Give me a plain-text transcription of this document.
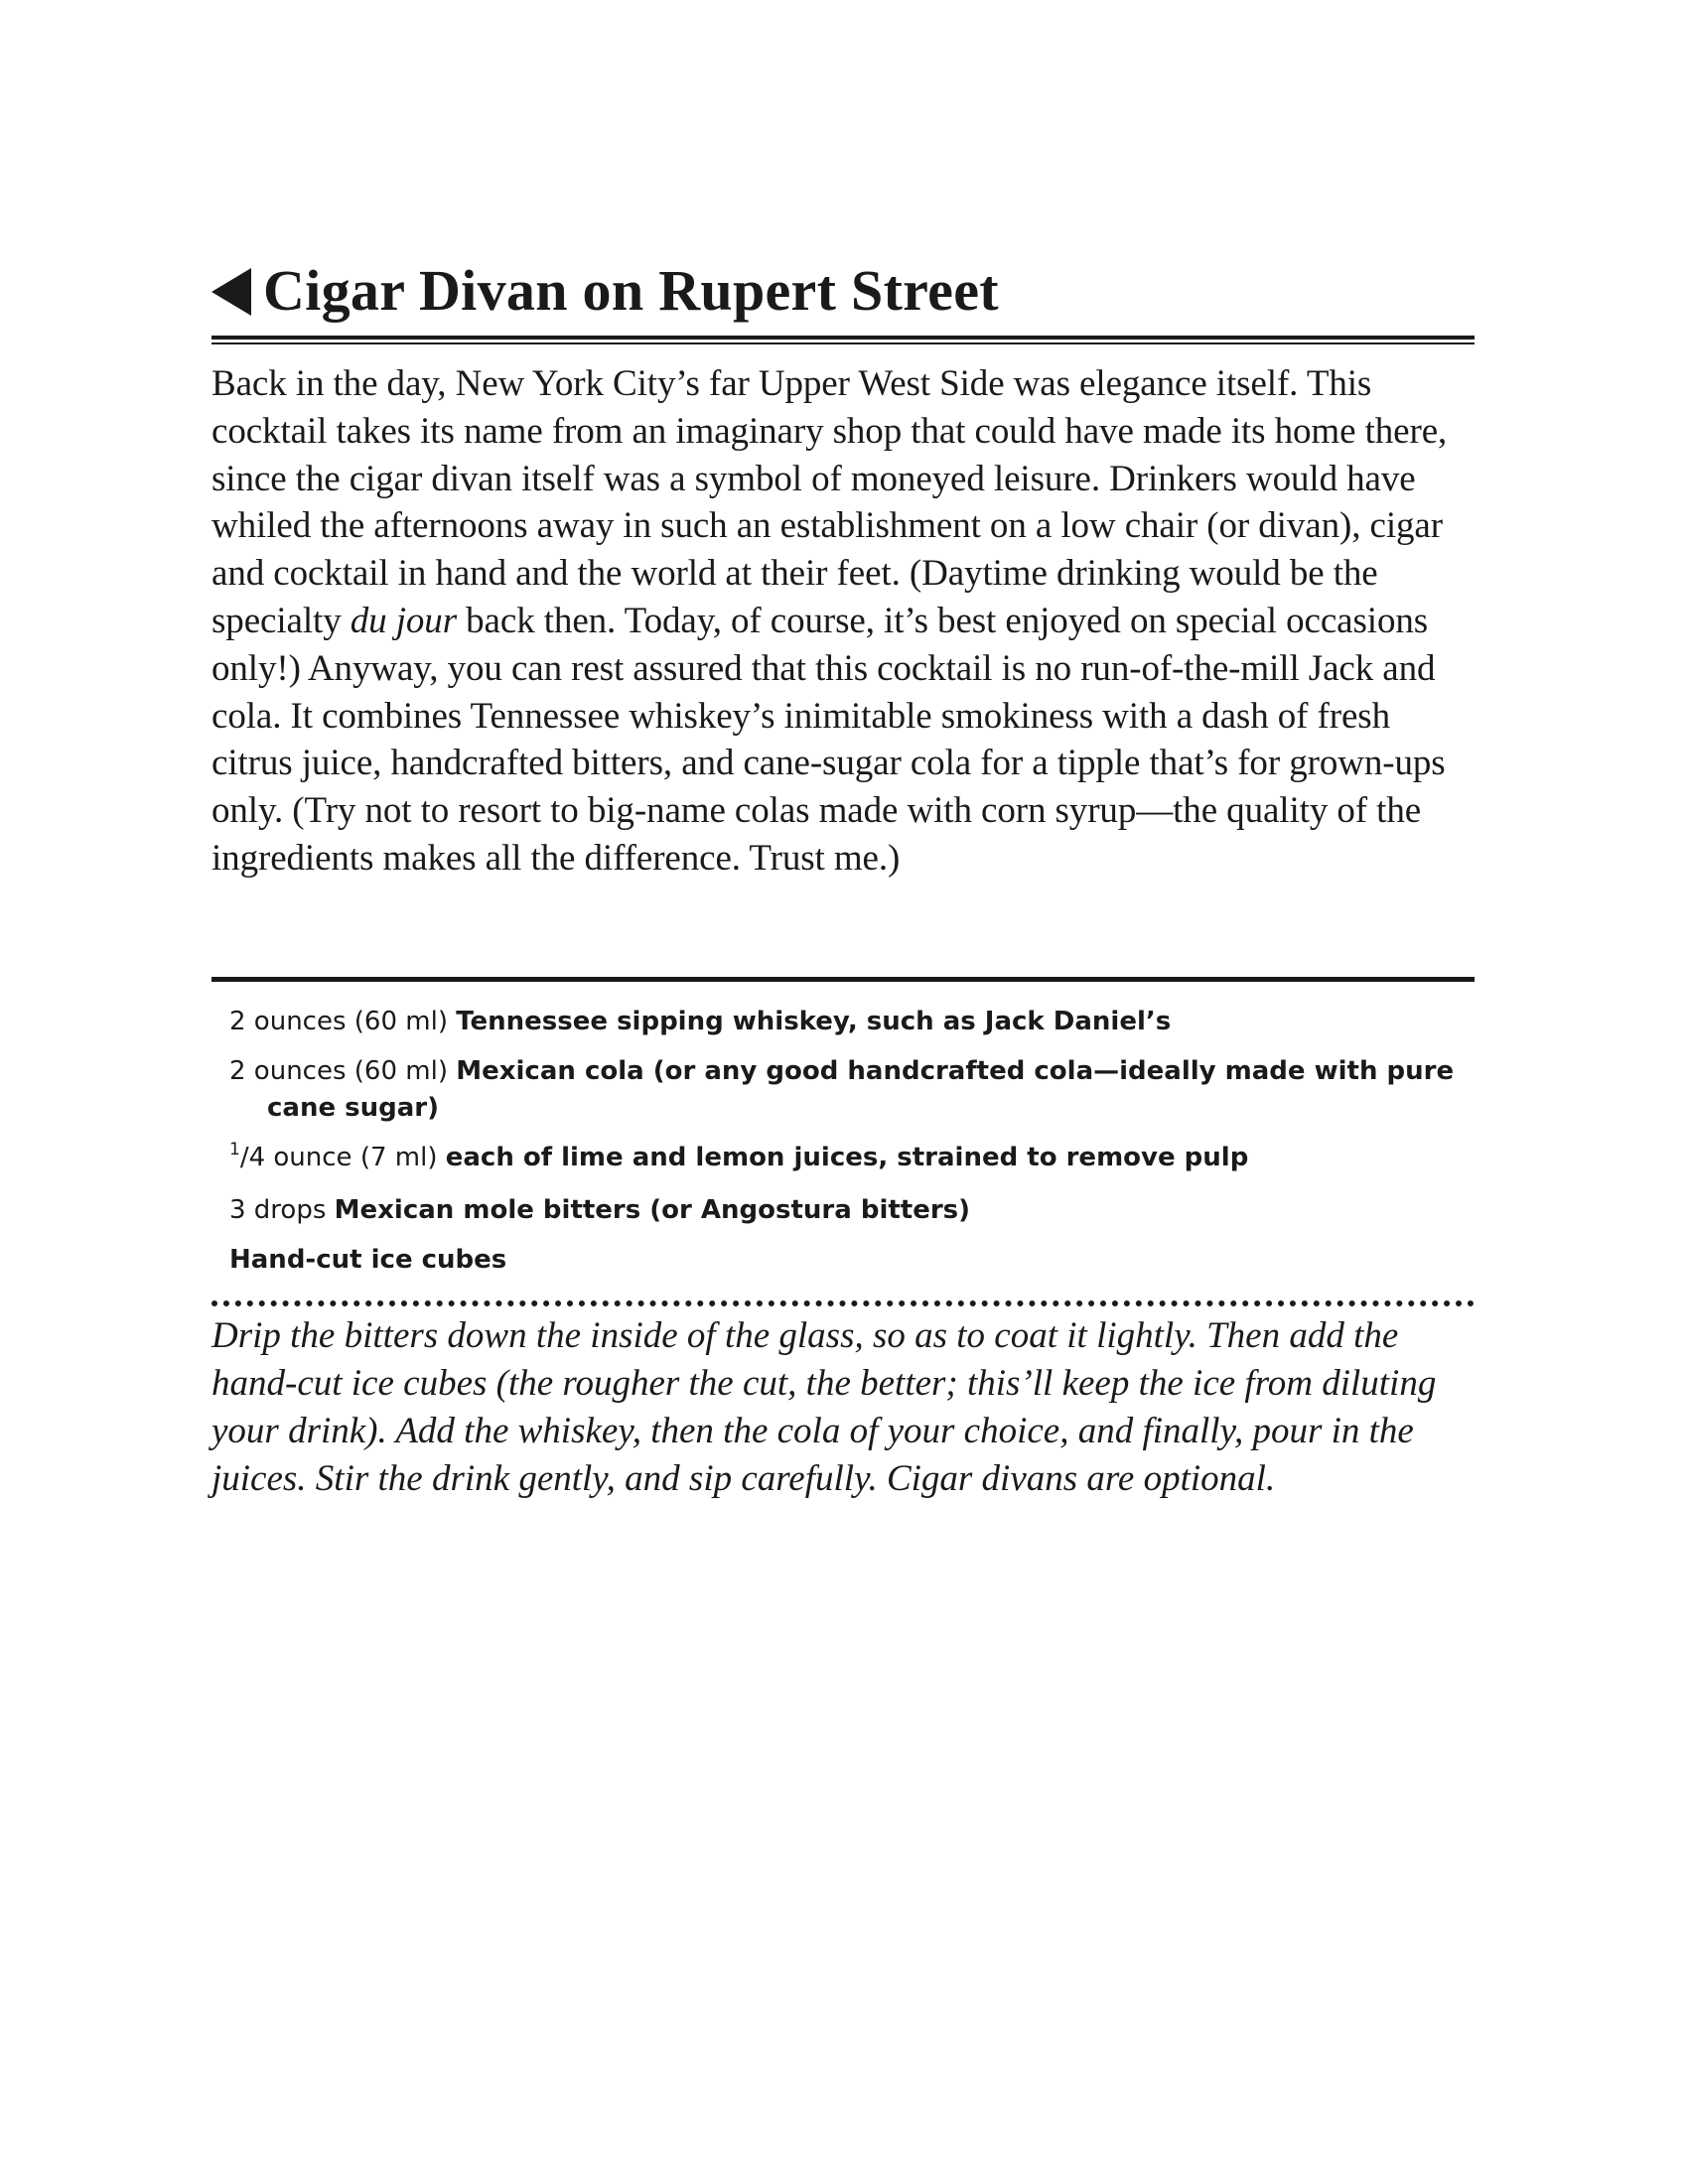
Cigar Divan on Rupert Street

Back in the day, New York City’s far Upper West Side was elegance itself. This cocktail takes its name from an imaginary shop that could have made its home there, since the cigar divan itself was a symbol of moneyed leisure. Drinkers would have whiled the afternoons away in such an establishment on a low chair (or divan), cigar and cocktail in hand and the world at their feet. (Daytime drinking would be the specialty du jour back then. Today, of course, it’s best enjoyed on special occasions only!) Anyway, you can rest assured that this cocktail is no run-of-the-mill Jack and cola. It combines Tennessee whiskey’s inimitable smokiness with a dash of fresh citrus juice, handcrafted bitters, and cane-sugar cola for a tipple that’s for grown-ups only. (Try not to resort to big-name colas made with corn syrup—the quality of the ingredients makes all the difference. Trust me.)

2 ounces (60 ml) Tennessee sipping whiskey, such as Jack Daniel’s
2 ounces (60 ml) Mexican cola (or any good handcrafted cola—ideally made with pure cane sugar)
$^1$/4 ounce (7 ml) each of lime and lemon juices, strained to remove pulp
3 drops Mexican mole bitters (or Angostura bitters)
Hand-cut ice cubes

Drip the bitters down the inside of the glass, so as to coat it lightly. Then add the hand-cut ice cubes (the rougher the cut, the better; this’ll keep the ice from diluting your drink). Add the whiskey, then the cola of your choice, and finally, pour in the juices. Stir the drink gently, and sip carefully. Cigar divans are optional.
